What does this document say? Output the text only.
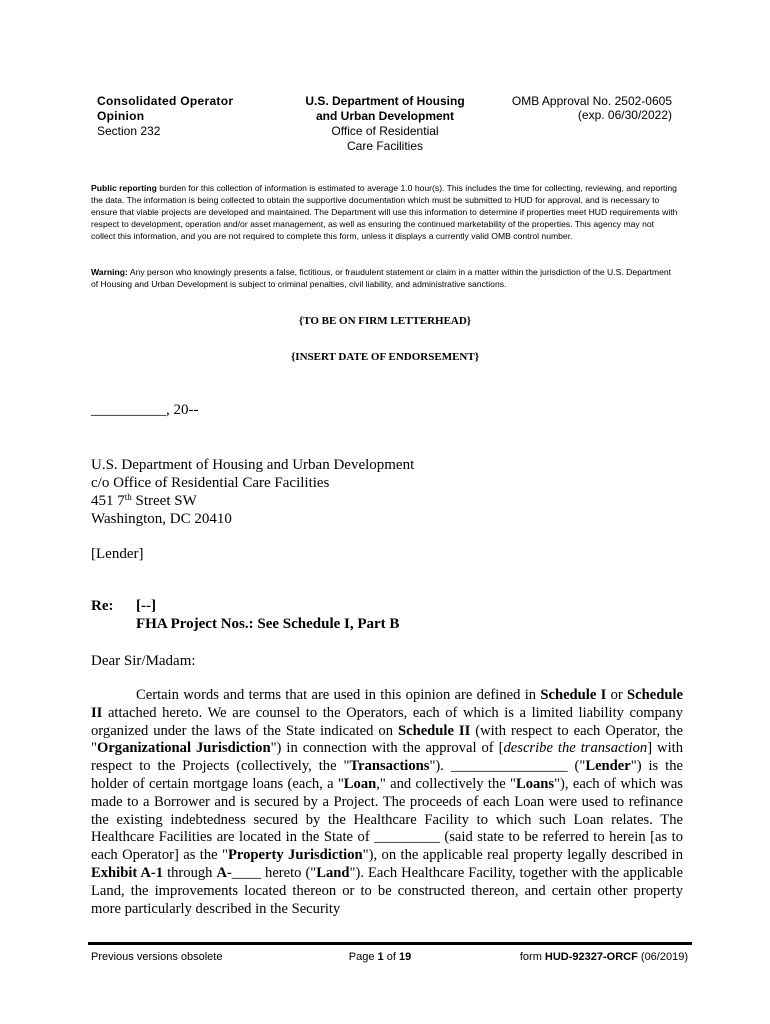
Consolidated Operator
Opinion
Section 232
U.S. Department of Housing
and Urban Development
Office of Residential
Care Facilities
OMB Approval No. 2502-0605
(exp. 06/30/2022)
Public reporting burden for this collection of information is estimated to average 1.0 hour(s). This includes the time for collecting, reviewing, and reporting the data. The information is being collected to obtain the supportive documentation which must be submitted to HUD for approval, and is necessary to ensure that viable projects are developed and maintained. The Department will use this information to determine if properties meet HUD requirements with respect to development, operation and/or asset management, as well as ensuring the continued marketability of the properties. This agency may not collect this information, and you are not required to complete this form, unless it displays a currently valid OMB control number.
Warning: Any person who knowingly presents a false, fictitious, or fraudulent statement or claim in a matter within the jurisdiction of the U.S. Department of Housing and Urban Development is subject to criminal penalties, civil liability, and administrative sanctions.
{TO BE ON FIRM LETTERHEAD}
{INSERT DATE OF ENDORSEMENT}
__________, 20--
U.S. Department of Housing and Urban Development
c/o Office of Residential Care Facilities
451 7th Street SW
Washington, DC 20410
[Lender]
Re: [--]
FHA Project Nos.: See Schedule I, Part B
Dear Sir/Madam:
Certain words and terms that are used in this opinion are defined in Schedule I or Schedule II attached hereto. We are counsel to the Operators, each of which is a limited liability company organized under the laws of the State indicated on Schedule II (with respect to each Operator, the "Organizational Jurisdiction") in connection with the approval of [describe the transaction] with respect to the Projects (collectively, the "Transactions"). ________________ ("Lender") is the holder of certain mortgage loans (each, a "Loan," and collectively the "Loans"), each of which was made to a Borrower and is secured by a Project. The proceeds of each Loan were used to refinance the existing indebtedness secured by the Healthcare Facility to which such Loan relates. The Healthcare Facilities are located in the State of _________ (said state to be referred to herein [as to each Operator] as the "Property Jurisdiction"), on the applicable real property legally described in Exhibit A-1 through A-____ hereto ("Land"). Each Healthcare Facility, together with the applicable Land, the improvements located thereon or to be constructed thereon, and certain other property more particularly described in the Security
Previous versions obsolete	Page 1 of 19	form HUD-92327-ORCF (06/2019)
